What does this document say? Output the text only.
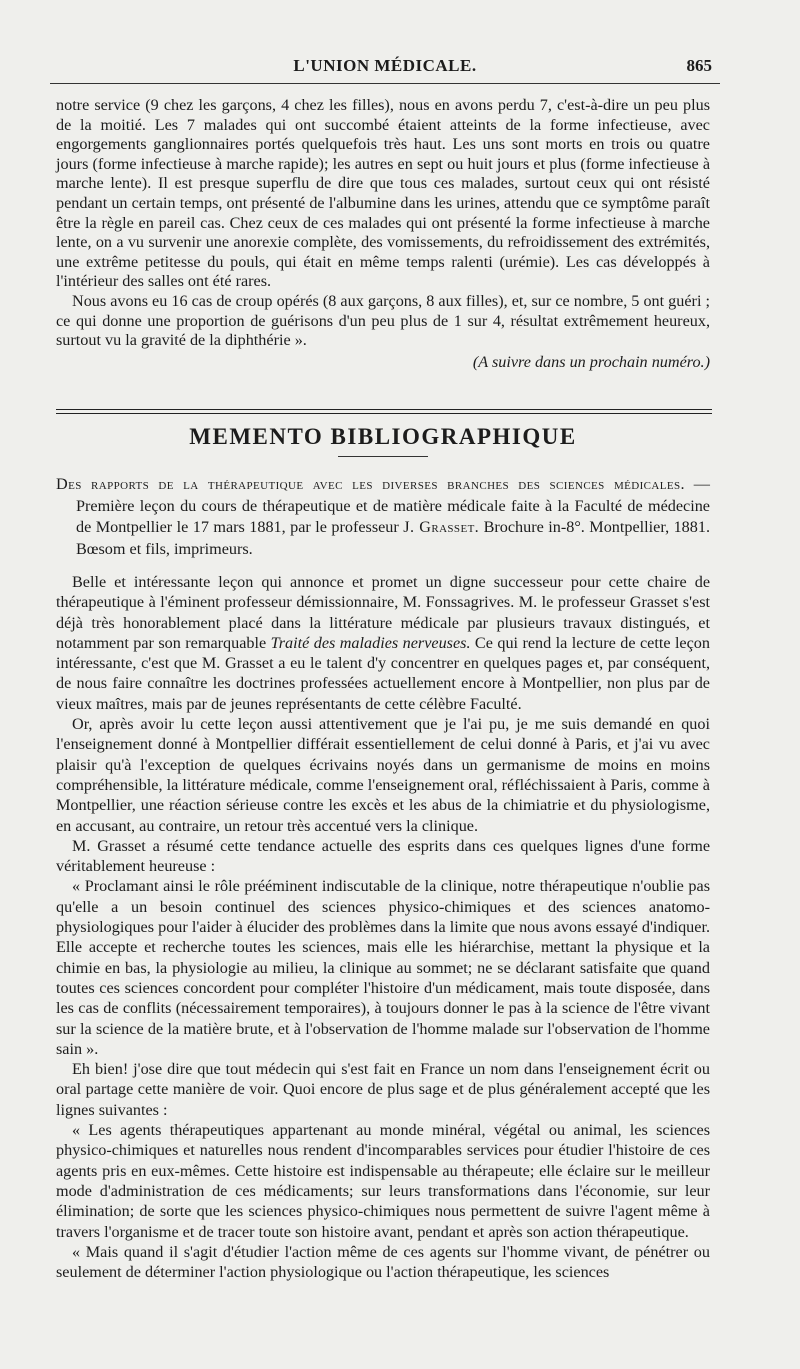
L'UNION MÉDICALE.	865

notre service (9 chez les garçons, 4 chez les filles), nous en avons perdu 7, c'est-à-dire un peu plus de la moitié. Les 7 malades qui ont succombé étaient atteints de la forme infectieuse, avec engorgements ganglionnaires portés quelquefois très haut. Les uns sont morts en trois ou quatre jours (forme infectieuse à marche rapide); les autres en sept ou huit jours et plus (forme infectieuse à marche lente). Il est presque superflu de dire que tous ces malades, surtout ceux qui ont résisté pendant un certain temps, ont présenté de l'albumine dans les urines, attendu que ce symptôme paraît être la règle en pareil cas. Chez ceux de ces malades qui ont présenté la forme infectieuse à marche lente, on a vu survenir une anorexie complète, des vomissements, du refroidissement des extrémités, une extrême petitesse du pouls, qui était en même temps ralenti (urémie). Les cas développés à l'intérieur des salles ont été rares.

Nous avons eu 16 cas de croup opérés (8 aux garçons, 8 aux filles), et, sur ce nombre, 5 ont guéri ; ce qui donne une proportion de guérisons d'un peu plus de 1 sur 4, résultat extrêmement heureux, surtout vu la gravité de la diphthérie ».

(A suivre dans un prochain numéro.)
MEMENTO BIBLIOGRAPHIQUE
Des rapports de la thérapeutique avec les diverses branches des sciences médicales. — Première leçon du cours de thérapeutique et de matière médicale faite à la Faculté de médecine de Montpellier le 17 mars 1881, par le professeur J. Grasset. Brochure in-8°. Montpellier, 1881. Bœsom et fils, imprimeurs.

Belle et intéressante leçon qui annonce et promet un digne successeur pour cette chaire de thérapeutique à l'éminent professeur démissionnaire, M. Fonssagrives. M. le professeur Grasset s'est déjà très honorablement placé dans la littérature médicale par plusieurs travaux distingués, et notamment par son remarquable Traité des maladies nerveuses. Ce qui rend la lecture de cette leçon intéressante, c'est que M. Grasset a eu le talent d'y concentrer en quelques pages et, par conséquent, de nous faire connaître les doctrines professées actuellement encore à Montpellier, non plus par de vieux maîtres, mais par de jeunes représentants de cette célèbre Faculté.

Or, après avoir lu cette leçon aussi attentivement que je l'ai pu, je me suis demandé en quoi l'enseignement donné à Montpellier différait essentiellement de celui donné à Paris, et j'ai vu avec plaisir qu'à l'exception de quelques écrivains noyés dans un germanisme de moins en moins compréhensible, la littérature médicale, comme l'enseignement oral, réfléchissaient à Paris, comme à Montpellier, une réaction sérieuse contre les excès et les abus de la chimiatrie et du physiologisme, en accusant, au contraire, un retour très accentué vers la clinique.

M. Grasset a résumé cette tendance actuelle des esprits dans ces quelques lignes d'une forme véritablement heureuse :

« Proclamant ainsi le rôle prééminent indiscutable de la clinique, notre thérapeutique n'oublie pas qu'elle a un besoin continuel des sciences physico-chimiques et des sciences anatomo-physiologiques pour l'aider à élucider des problèmes dans la limite que nous avons essayé d'indiquer. Elle accepte et recherche toutes les sciences, mais elle les hiérarchise, mettant la physique et la chimie en bas, la physiologie au milieu, la clinique au sommet; ne se déclarant satisfaite que quand toutes ces sciences concordent pour compléter l'histoire d'un médicament, mais toute disposée, dans les cas de conflits (nécessairement temporaires), à toujours donner le pas à la science de l'être vivant sur la science de la matière brute, et à l'observation de l'homme malade sur l'observation de l'homme sain ».

Eh bien! j'ose dire que tout médecin qui s'est fait en France un nom dans l'enseignement écrit ou oral partage cette manière de voir. Quoi encore de plus sage et de plus généralement accepté que les lignes suivantes :

« Les agents thérapeutiques appartenant au monde minéral, végétal ou animal, les sciences physico-chimiques et naturelles nous rendent d'incomparables services pour étudier l'histoire de ces agents pris en eux-mêmes. Cette histoire est indispensable au thérapeute; elle éclaire sur le meilleur mode d'administration de ces médicaments; sur leurs transformations dans l'économie, sur leur élimination; de sorte que les sciences physico-chimiques nous permettent de suivre l'agent même à travers l'organisme et de tracer toute son histoire avant, pendant et après son action thérapeutique.

« Mais quand il s'agit d'étudier l'action même de ces agents sur l'homme vivant, de pénétrer ou seulement de déterminer l'action physiologique ou l'action thérapeutique, les sciences
